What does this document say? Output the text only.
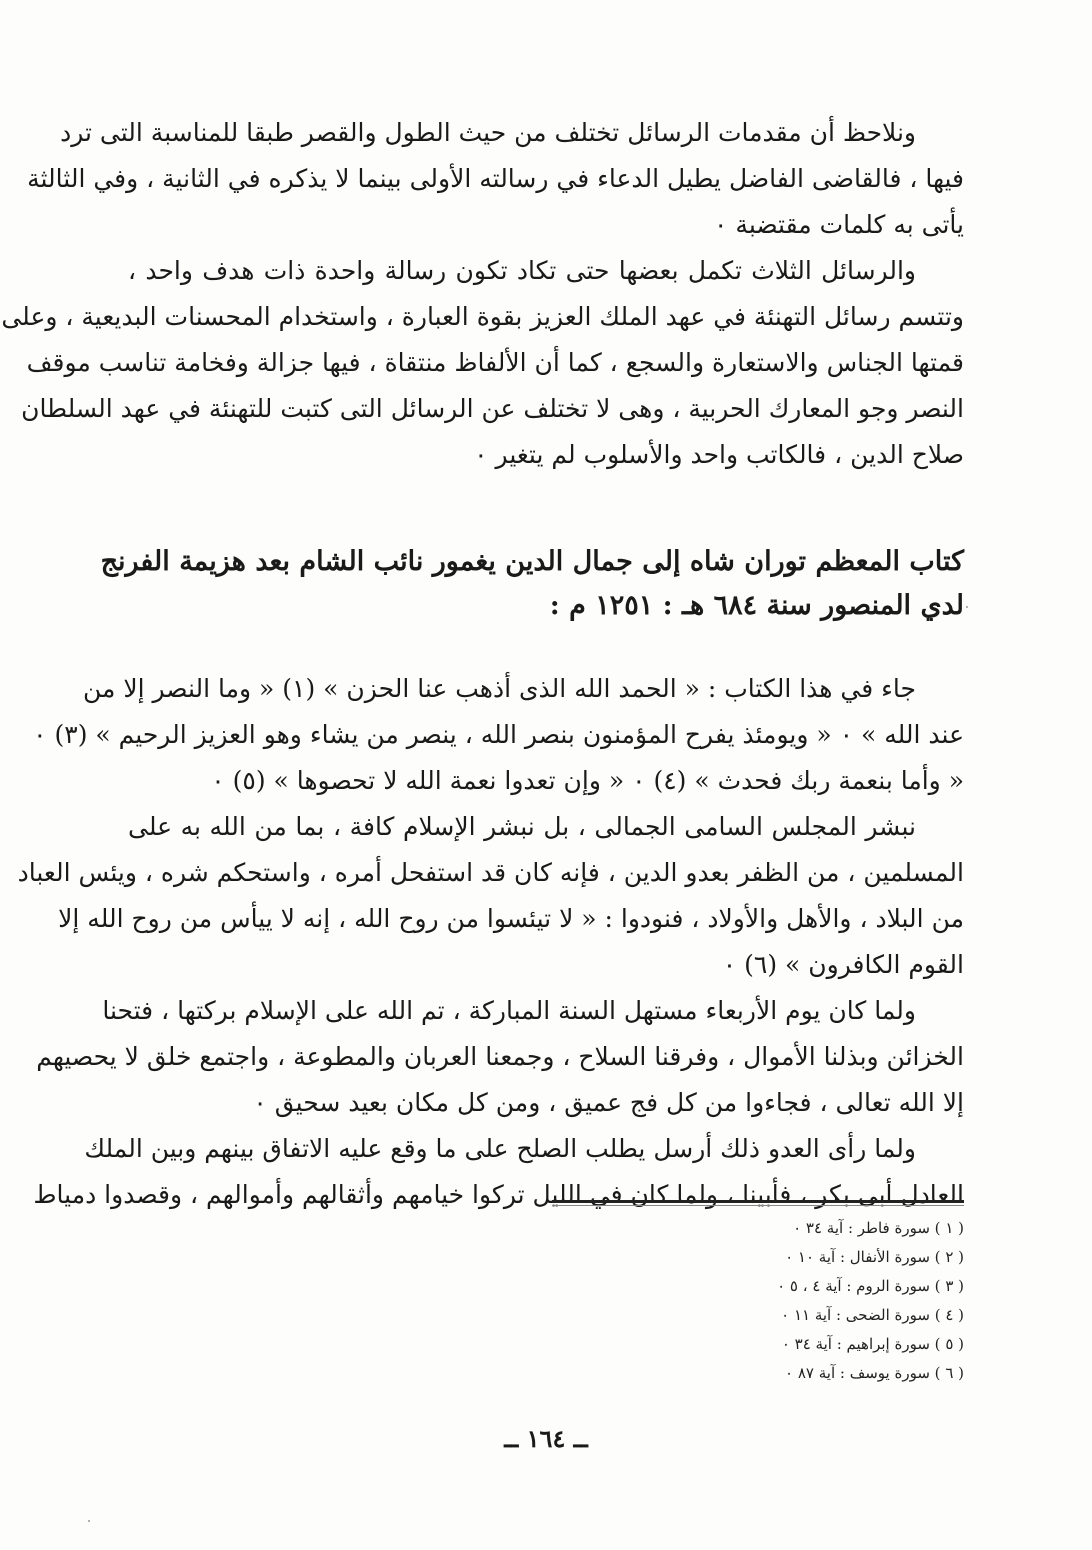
ونلاحظ أن مقدمات الرسائل تختلف من حيث الطول والقصر طبقا للمناسبة التى ترد
فيها ، فالقاضى الفاضل يطيل الدعاء في رسالته الأولى بينما لا يذكره في الثانية ، وفي الثالثة
يأتى به كلمات مقتضبة ٠
والرسائل الثلاث تكمل بعضها حتى تكاد تكون رسالة واحدة ذات هدف واحد ،
وتتسم رسائل التهنئة في عهد الملك العزيز بقوة العبارة ، واستخدام المحسنات البديعية ، وعلى
قمتها الجناس والاستعارة والسجع ، كما أن الألفاظ منتقاة ، فيها جزالة وفخامة تناسب موقف
النصر وجو المعارك الحربية ، وهى لا تختلف عن الرسائل التى كتبت للتهنئة في عهد السلطان
صلاح الدين ، فالكاتب واحد والأسلوب لم يتغير ٠
كتاب المعظم توران شاه إلى جمال الدين يغمور نائب الشام بعد هزيمة الفرنج
لدي المنصور سنة ٦٨٤ هـ : ١٢٥١ م :
جاء في هذا الكتاب : « الحمد الله الذى أذهب عنا الحزن » (١) « وما النصر إلا من
عند الله » ٠ « ويومئذ يفرح المؤمنون بنصر الله ، ينصر من يشاء وهو العزيز الرحيم » (٣) ٠
« وأما بنعمة ربك فحدث » (٤) ٠ « وإن تعدوا نعمة الله لا تحصوها » (٥) ٠
نبشر المجلس السامى الجمالى ، بل نبشر الإسلام كافة ، بما من الله به على
المسلمين ، من الظفر بعدو الدين ، فإنه كان قد استفحل أمره ، واستحكم شره ، ويئس العباد
من البلاد ، والأهل والأولاد ، فنودوا : « لا تيئسوا من روح الله ، إنه لا ييأس من روح الله إلا
القوم الكافرون » (٦) ٠
ولما كان يوم الأربعاء مستهل السنة المباركة ، تم الله على الإسلام بركتها ، فتحنا
الخزائن وبذلنا الأموال ، وفرقنا السلاح ، وجمعنا العربان والمطوعة ، واجتمع خلق لا يحصيهم
إلا الله تعالى ، فجاءوا من كل فج عميق ، ومن كل مكان بعيد سحيق ٠
ولما رأى العدو ذلك أرسل يطلب الصلح على ما وقع عليه الاتفاق بينهم وبين الملك
العادل أبى بكر ، فأبينا ، ولما كان في الليل تركوا خيامهم وأثقالهم وأموالهم ، وقصدوا دمياط
( ١ ) سورة فاطر : آية ٣٤ ٠
( ٢ ) سورة الأنفال : آية ١٠ ٠
( ٣ ) سورة الروم : آية ٤ ، ٥ ٠
( ٤ ) سورة الضحى : آية ١١ ٠
( ٥ ) سورة إبراهيم : آية ٣٤ ٠
( ٦ ) سورة يوسف : آية ٨٧ ٠
ــ ١٦٤ ــ
